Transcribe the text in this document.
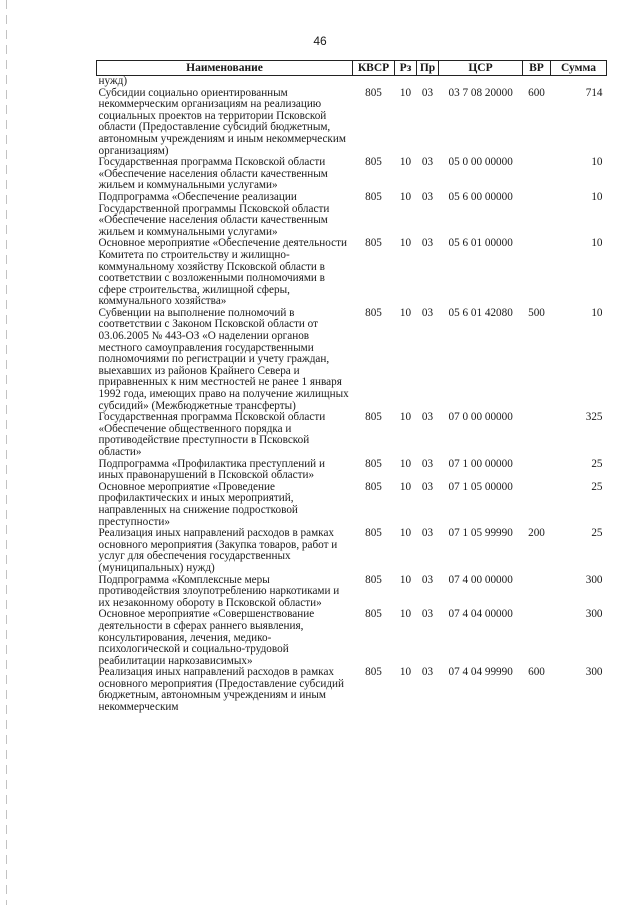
46
Наименование	КВСР	Рз	Пр	ЦСР	ВР	Сумма
нужд)						
Субсидии социально ориентированным некоммерческим организациям на реализацию социальных проектов на территории Псковской области (Предоставление субсидий бюджетным, автономным учреждениям и иным некоммерческим организациям)	805	10	03	03 7 08 20000	600	714
Государственная программа Псковской области «Обеспечение населения области качественным жильем и коммунальными услугами»	805	10	03	05 0 00 00000		10
Подпрограмма «Обеспечение реализации Государственной программы Псковской области «Обеспечение населения области качественным жильем и коммунальными услугами»	805	10	03	05 6 00 00000		10
Основное мероприятие «Обеспечение деятельности Комитета по строительству и жилищно-коммунальному хозяйству Псковской области в соответствии с возложенными полномочиями в сфере строительства, жилищной сферы, коммунального хозяйства»	805	10	03	05 6 01 00000		10
Субвенции на выполнение полномочий в соответствии с Законом Псковской области от 03.06.2005 № 443-ОЗ «О наделении органов местного самоуправления государственными полномочиями по регистрации и учету граждан, выехавших из районов Крайнего Севера и приравненных к ним местностей не ранее 1 января 1992 года, имеющих право на получение жилищных субсидий» (Межбюджетные трансферты)	805	10	03	05 6 01 42080	500	10
Государственная программа Псковской области «Обеспечение общественного порядка и противодействие преступности в Псковской области»	805	10	03	07 0 00 00000		325
Подпрограмма «Профилактика преступлений и иных правонарушений в Псковской области»	805	10	03	07 1 00 00000		25
Основное мероприятие «Проведение профилактических и иных мероприятий, направленных на снижение подростковой преступности»	805	10	03	07 1 05 00000		25
Реализация иных направлений расходов в рамках основного мероприятия (Закупка товаров, работ и услуг для обеспечения государственных (муниципальных) нужд)	805	10	03	07 1 05 99990	200	25
Подпрограмма «Комплексные меры противодействия злоупотреблению наркотиками и их незаконному обороту в Псковской области»	805	10	03	07 4 00 00000		300
Основное мероприятие «Совершенствование деятельности в сферах раннего выявления, консультирования, лечения, медико-психологической и социально-трудовой реабилитации наркозависимых»	805	10	03	07 4 04 00000		300
Реализация иных направлений расходов в рамках основного мероприятия (Предоставление субсидий бюджетным, автономным учреждениям и иным некоммерческим	805	10	03	07 4 04 99990	600	300
